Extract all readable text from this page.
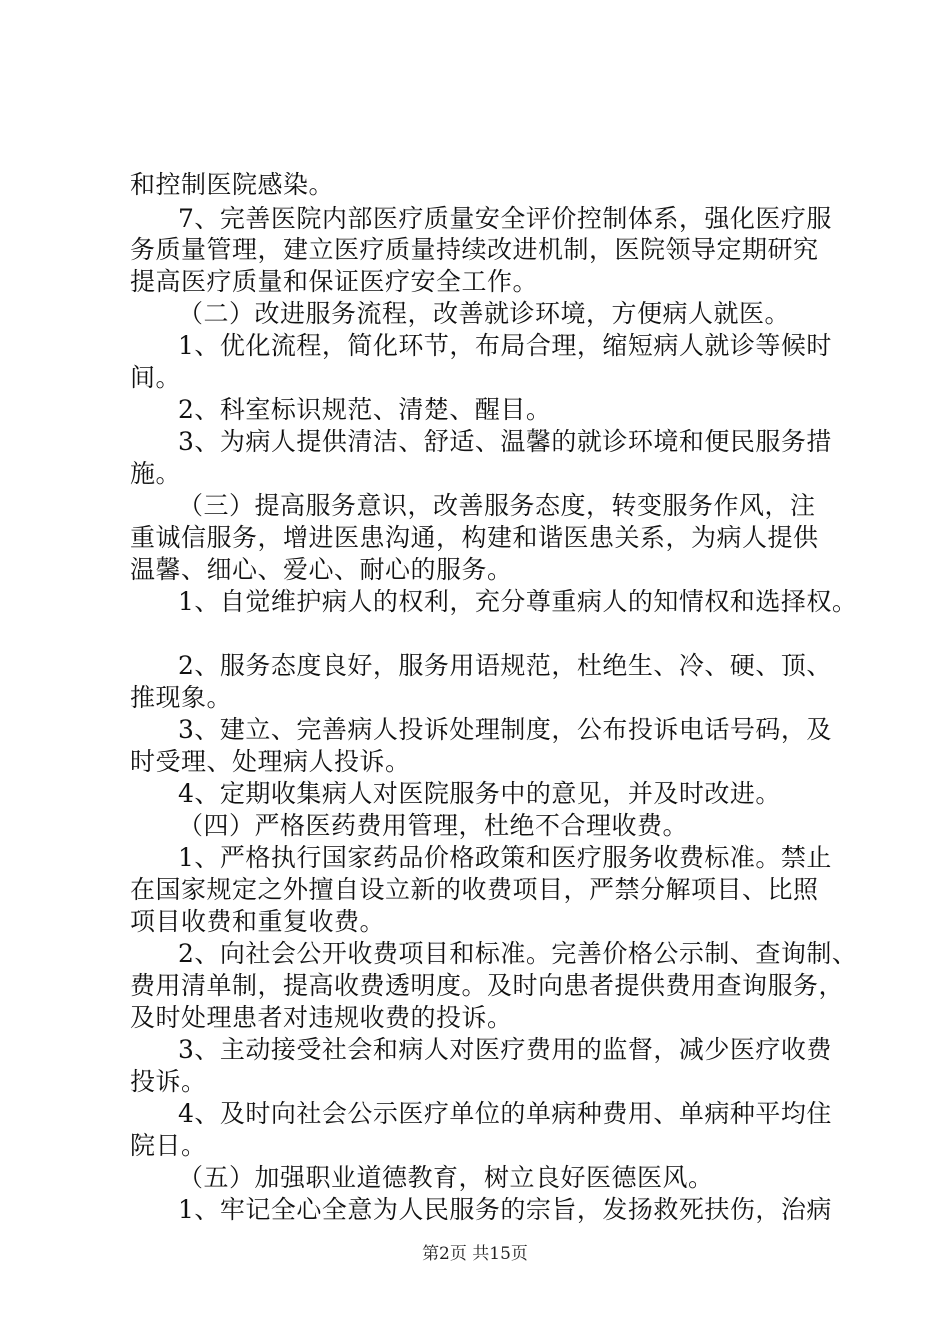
和控制医院感染。
7、完善医院内部医疗质量安全评价控制体系，强化医疗服
务质量管理，建立医疗质量持续改进机制，医院领导定期研究
提高医疗质量和保证医疗安全工作。
（二）改进服务流程，改善就诊环境，方便病人就医。
1、优化流程，简化环节，布局合理，缩短病人就诊等候时
间。
2、科室标识规范、清楚、醒目。
3、为病人提供清洁、舒适、温馨的就诊环境和便民服务措
施。
（三）提高服务意识，改善服务态度，转变服务作风，注
重诚信服务，增进医患沟通，构建和谐医患关系，为病人提供
温馨、细心、爱心、耐心的服务。
1、自觉维护病人的权利，充分尊重病人的知情权和选择权。
2、服务态度良好，服务用语规范，杜绝生、冷、硬、顶、
推现象。
3、建立、完善病人投诉处理制度，公布投诉电话号码，及
时受理、处理病人投诉。
4、定期收集病人对医院服务中的意见，并及时改进。
（四）严格医药费用管理，杜绝不合理收费。
1、严格执行国家药品价格政策和医疗服务收费标准。禁止
在国家规定之外擅自设立新的收费项目，严禁分解项目、比照
项目收费和重复收费。
2、向社会公开收费项目和标准。完善价格公示制、查询制、
费用清单制，提高收费透明度。及时向患者提供费用查询服务，
及时处理患者对违规收费的投诉。
3、主动接受社会和病人对医疗费用的监督，减少医疗收费
投诉。
4、及时向社会公示医疗单位的单病种费用、单病种平均住
院日。
（五）加强职业道德教育，树立良好医德医风。
1、牢记全心全意为人民服务的宗旨，发扬救死扶伤，治病
第2页 共15页
